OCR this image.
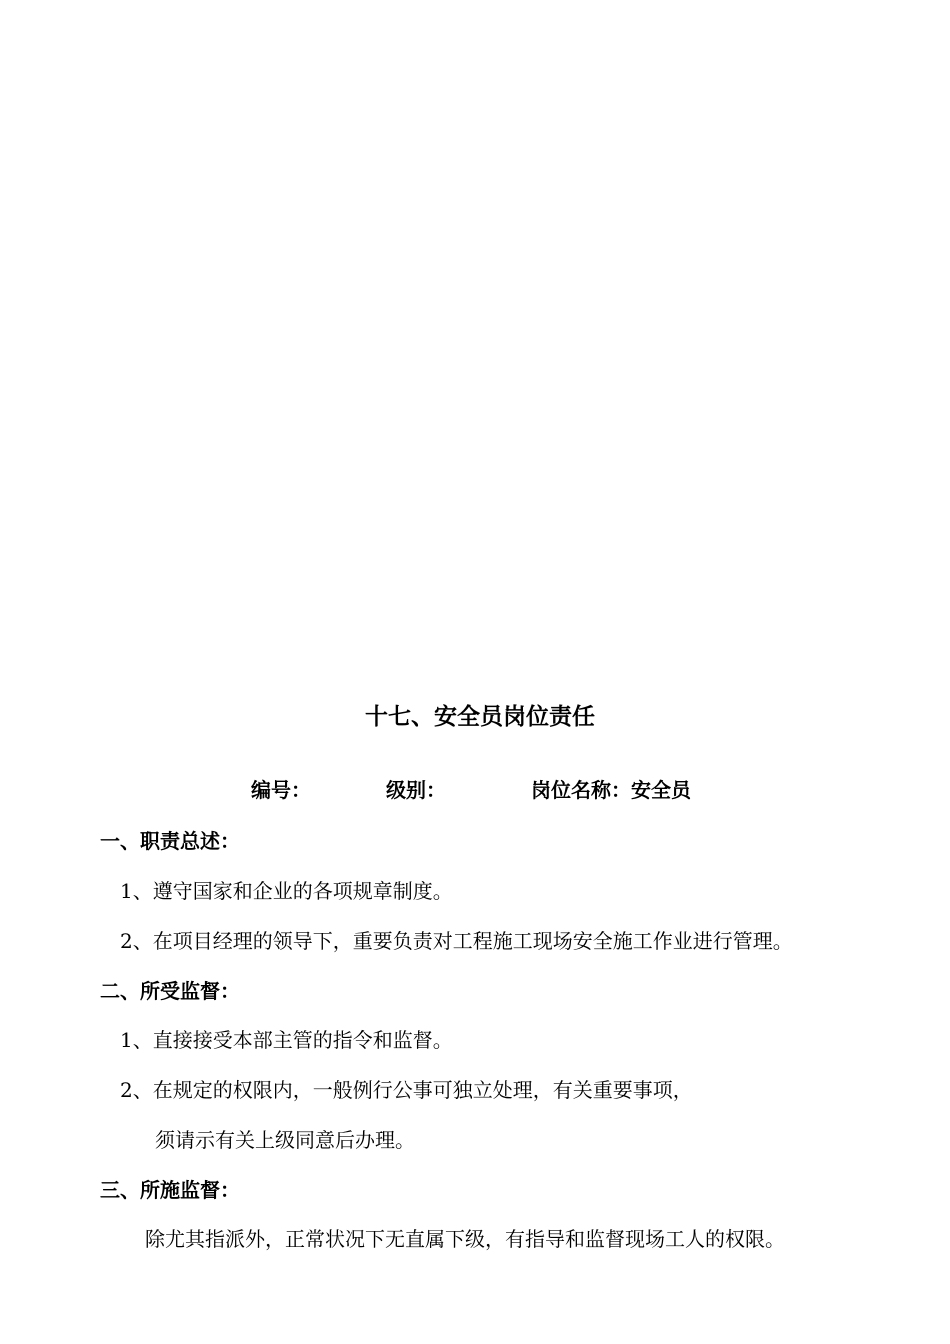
十七、安全员岗位责任
编号：	级别：	岗位名称：安全员
一、职责总述：
1、遵守国家和企业的各项规章制度。
2、在项目经理的领导下，重要负责对工程施工现场安全施工作业进行管理。
二、所受监督：
1、直接接受本部主管的指令和监督。
2、在规定的权限内，一般例行公事可独立处理，有关重要事项，
须请示有关上级同意后办理。
三、所施监督：
除尤其指派外，正常状况下无直属下级，有指导和监督现场工人的权限。
